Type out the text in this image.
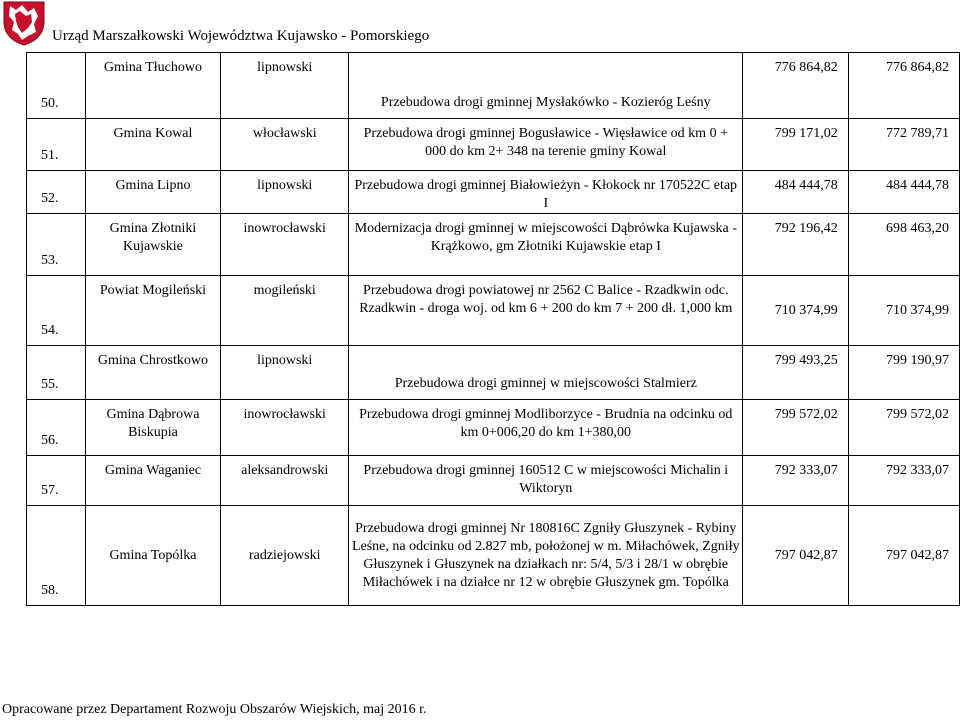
Urząd Marszałkowski Województwa Kujawsko - Pomorskiego
50.	Gmina Tłuchowo	lipnowski	Przebudowa drogi gminnej Mysłakówko - Kozieróg Leśny	776 864,82	776 864,82
51.	Gmina Kowal	włocławski	Przebudowa drogi gminnej Bogusławice - Więsławice od km 0 + 000 do km 2+ 348 na terenie gminy Kowal	799 171,02	772 789,71
52.	Gmina Lipno	lipnowski	Przebudowa drogi gminnej Białowieżyn - Kłokock nr 170522C etap I	484 444,78	484 444,78
53.	Gmina Złotniki Kujawskie	inowrocławski	Modernizacja drogi gminnej w miejscowości Dąbrówka Kujawska - Krążkowo, gm Złotniki Kujawskie etap I	792 196,42	698 463,20
54.	Powiat Mogileński	mogileński	Przebudowa drogi powiatowej nr 2562 C Balice - Rzadkwin odc. Rzadkwin - droga woj. od km 6 + 200 do km 7 + 200 dł. 1,000 km	710 374,99	710 374,99
55.	Gmina Chrostkowo	lipnowski	Przebudowa drogi gminnej w miejscowości Stalmierz	799 493,25	799 190,97
56.	Gmina Dąbrowa Biskupia	inowrocławski	Przebudowa drogi gminnej Modliborzyce - Brudnia na odcinku od km 0+006,20 do km 1+380,00	799 572,02	799 572,02
57.	Gmina Waganiec	aleksandrowski	Przebudowa drogi gminnej 160512 C w miejscowości Michalin i Wiktoryn	792 333,07	792 333,07
58.	Gmina Topólka	radziejowski	Przebudowa drogi gminnej Nr 180816C Zgniły Głuszynek - Rybiny Leśne, na odcinku od 2.827 mb, położonej w m. Miłachówek, Zgniły Głuszynek i Głuszynek na działkach nr: 5/4, 5/3 i 28/1 w obrębie Miłachówek i na działce nr 12 w obrębie Głuszynek gm. Topólka	797 042,87	797 042,87
Opracowane przez Departament Rozwoju Obszarów Wiejskich, maj 2016 r.
